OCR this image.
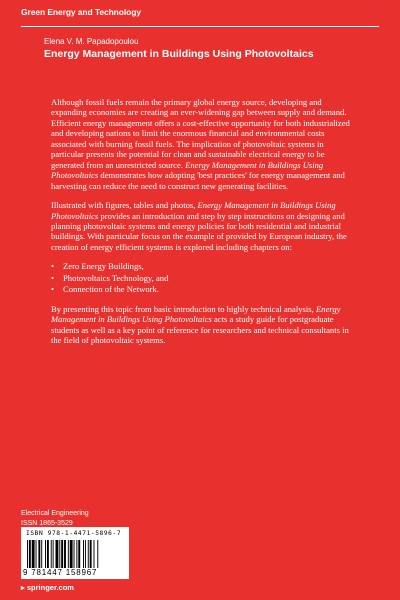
Green Energy and Technology
Elena V. M. Papadopoulou
Energy Management in Buildings Using Photovoltaics

Although fossil fuels remain the primary global energy source, developing and expanding economies are creating an ever-widening gap between supply and demand. Efficient energy management offers a cost-effective opportunity for both industrialized and developing nations to limit the enormous financial and environmental costs associated with burning fossil fuels. The implication of photovoltaic systems in particular presents the potential for clean and sustainable electrical energy to be generated from an unrestricted source. Energy Management in Buildings Using Photovoltaics demonstrates how adopting 'best practices' for energy management and harvesting can reduce the need to construct new generating facilities.

Illustrated with figures, tables and photos, Energy Management in Buildings Using Photovoltaics provides an introduction and step by step instructions on designing and planning photovoltaic systems and energy policies for both residential and industrial buildings. With particular focus on the example of provided by European industry, the creation of energy efficient systems is explored including chapters on:

• Zero Energy Buildings,
• Photovoltaics Technology, and
• Connection of the Network.

By presenting this topic from basic introduction to highly technical analysis, Energy Management in Buildings Using Photovoltaics acts a study guide for postgraduate students as well as a key point of reference for researchers and technical consultants in the field of photovoltaic systems.

Electrical Engineering
ISSN 1865-3529
ISBN 978-1-4471-5896-7
9 781447 158967
▸ springer.com
